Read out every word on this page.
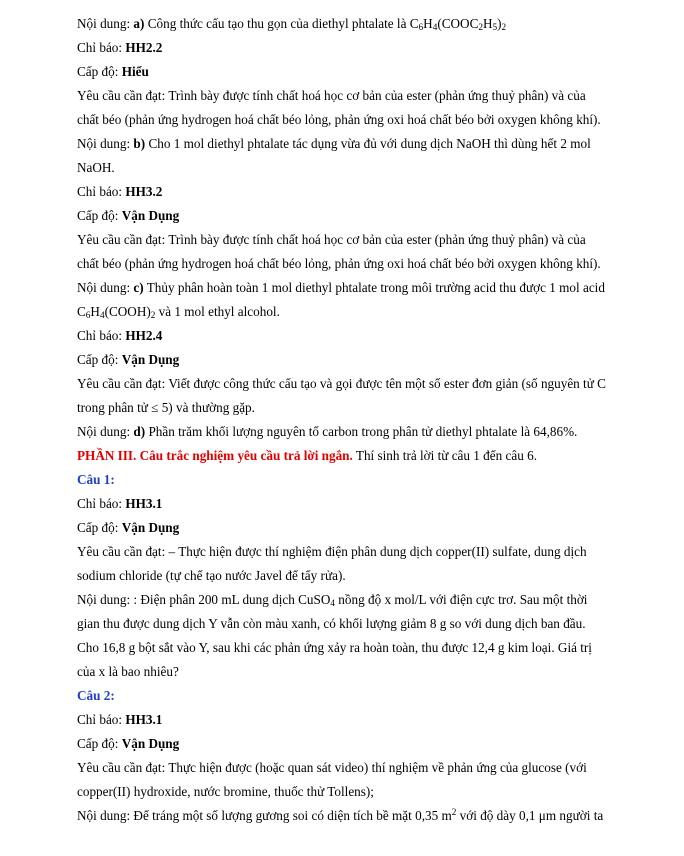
Nội dung: a) Công thức cấu tạo thu gọn của diethyl phtalate là $C_6H_4(COOC_2H_5)_2$
Chỉ báo: HH2.2
Cấp độ: Hiểu
Yêu cầu cần đạt: Trình bày được tính chất hoá học cơ bản của ester (phản ứng thuỷ phân) và của
chất béo (phản ứng hydrogen hoá chất béo lỏng, phản ứng oxi hoá chất béo bởi oxygen không khí).
Nội dung: b) Cho 1 mol diethyl phtalate tác dụng vừa đủ với dung dịch NaOH thì dùng hết 2 mol
NaOH.
Chỉ báo: HH3.2
Cấp độ: Vận Dụng
Yêu cầu cần đạt: Trình bày được tính chất hoá học cơ bản của ester (phản ứng thuỷ phân) và của
chất béo (phản ứng hydrogen hoá chất béo lỏng, phản ứng oxi hoá chất béo bởi oxygen không khí).
Nội dung: c) Thủy phân hoàn toàn 1 mol diethyl phtalate trong môi trường acid thu được 1 mol acid
$C_6H_4(COOH)_2$ và 1 mol ethyl alcohol.
Chỉ báo: HH2.4
Cấp độ: Vận Dụng
Yêu cầu cần đạt: Viết được công thức cấu tạo và gọi được tên một số ester đơn giản (số nguyên tử C
trong phân tử ≤ 5) và thường gặp.
Nội dung: d) Phần trăm khối lượng nguyên tố carbon trong phân tử diethyl phtalate là 64,86%.
PHẦN III. Câu trắc nghiệm yêu cầu trả lời ngắn. Thí sinh trả lời từ câu 1 đến câu 6.
Câu 1:
Chỉ báo: HH3.1
Cấp độ: Vận Dụng
Yêu cầu cần đạt: – Thực hiện được thí nghiệm điện phân dung dịch copper(II) sulfate, dung dịch
sodium chloride (tự chế tạo nước Javel để tẩy rửa).
Nội dung: : Điện phân 200 mL dung dịch CuSO$_4$ nồng độ x mol/L với điện cực trơ. Sau một thời
gian thu được dung dịch Y vẫn còn màu xanh, có khối lượng giảm 8 g so với dung dịch ban đầu.
Cho 16,8 g bột sắt vào Y, sau khi các phản ứng xảy ra hoàn toàn, thu được 12,4 g kim loại. Giá trị
của x là bao nhiêu?
Câu 2:
Chỉ báo: HH3.1
Cấp độ: Vận Dụng
Yêu cầu cần đạt: Thực hiện được (hoặc quan sát video) thí nghiệm về phản ứng của glucose (với
copper(II) hydroxide, nước bromine, thuốc thử Tollens);
Nội dung: Để tráng một số lượng gương soi có diện tích bề mặt 0,35 $m^2$ với độ dày 0,1 μm người ta
